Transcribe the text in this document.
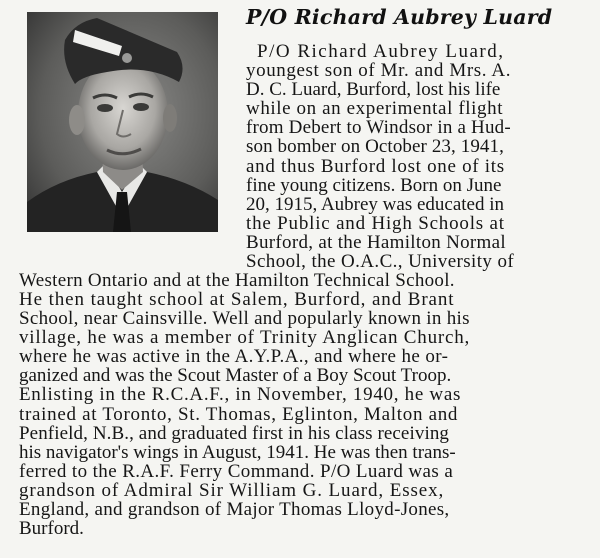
P/O Richard Aubrey Luard
P/O Richard Aubrey Luard,
youngest son of Mr. and Mrs. A.
D. C. Luard, Burford, lost his life
while on an experimental flight
from Debert to Windsor in a Hud-
son bomber on October 23, 1941,
and thus Burford lost one of its
fine young citizens. Born on June
20, 1915, Aubrey was educated in
the Public and High Schools at
Burford, at the Hamilton Normal
School, the O.A.C., University of
Western Ontario and at the Hamilton Technical School.
He then taught school at Salem, Burford, and Brant
School, near Cainsville. Well and popularly known in his
village, he was a member of Trinity Anglican Church,
where he was active in the A.Y.P.A., and where he or-
ganized and was the Scout Master of a Boy Scout Troop.
Enlisting in the R.C.A.F., in November, 1940, he was
trained at Toronto, St. Thomas, Eglinton, Malton and
Penfield, N.B., and graduated first in his class receiving
his navigator's wings in August, 1941. He was then trans-
ferred to the R.A.F. Ferry Command. P/O Luard was a
grandson of Admiral Sir William G. Luard, Essex,
England, and grandson of Major Thomas Lloyd-Jones,
Burford.
